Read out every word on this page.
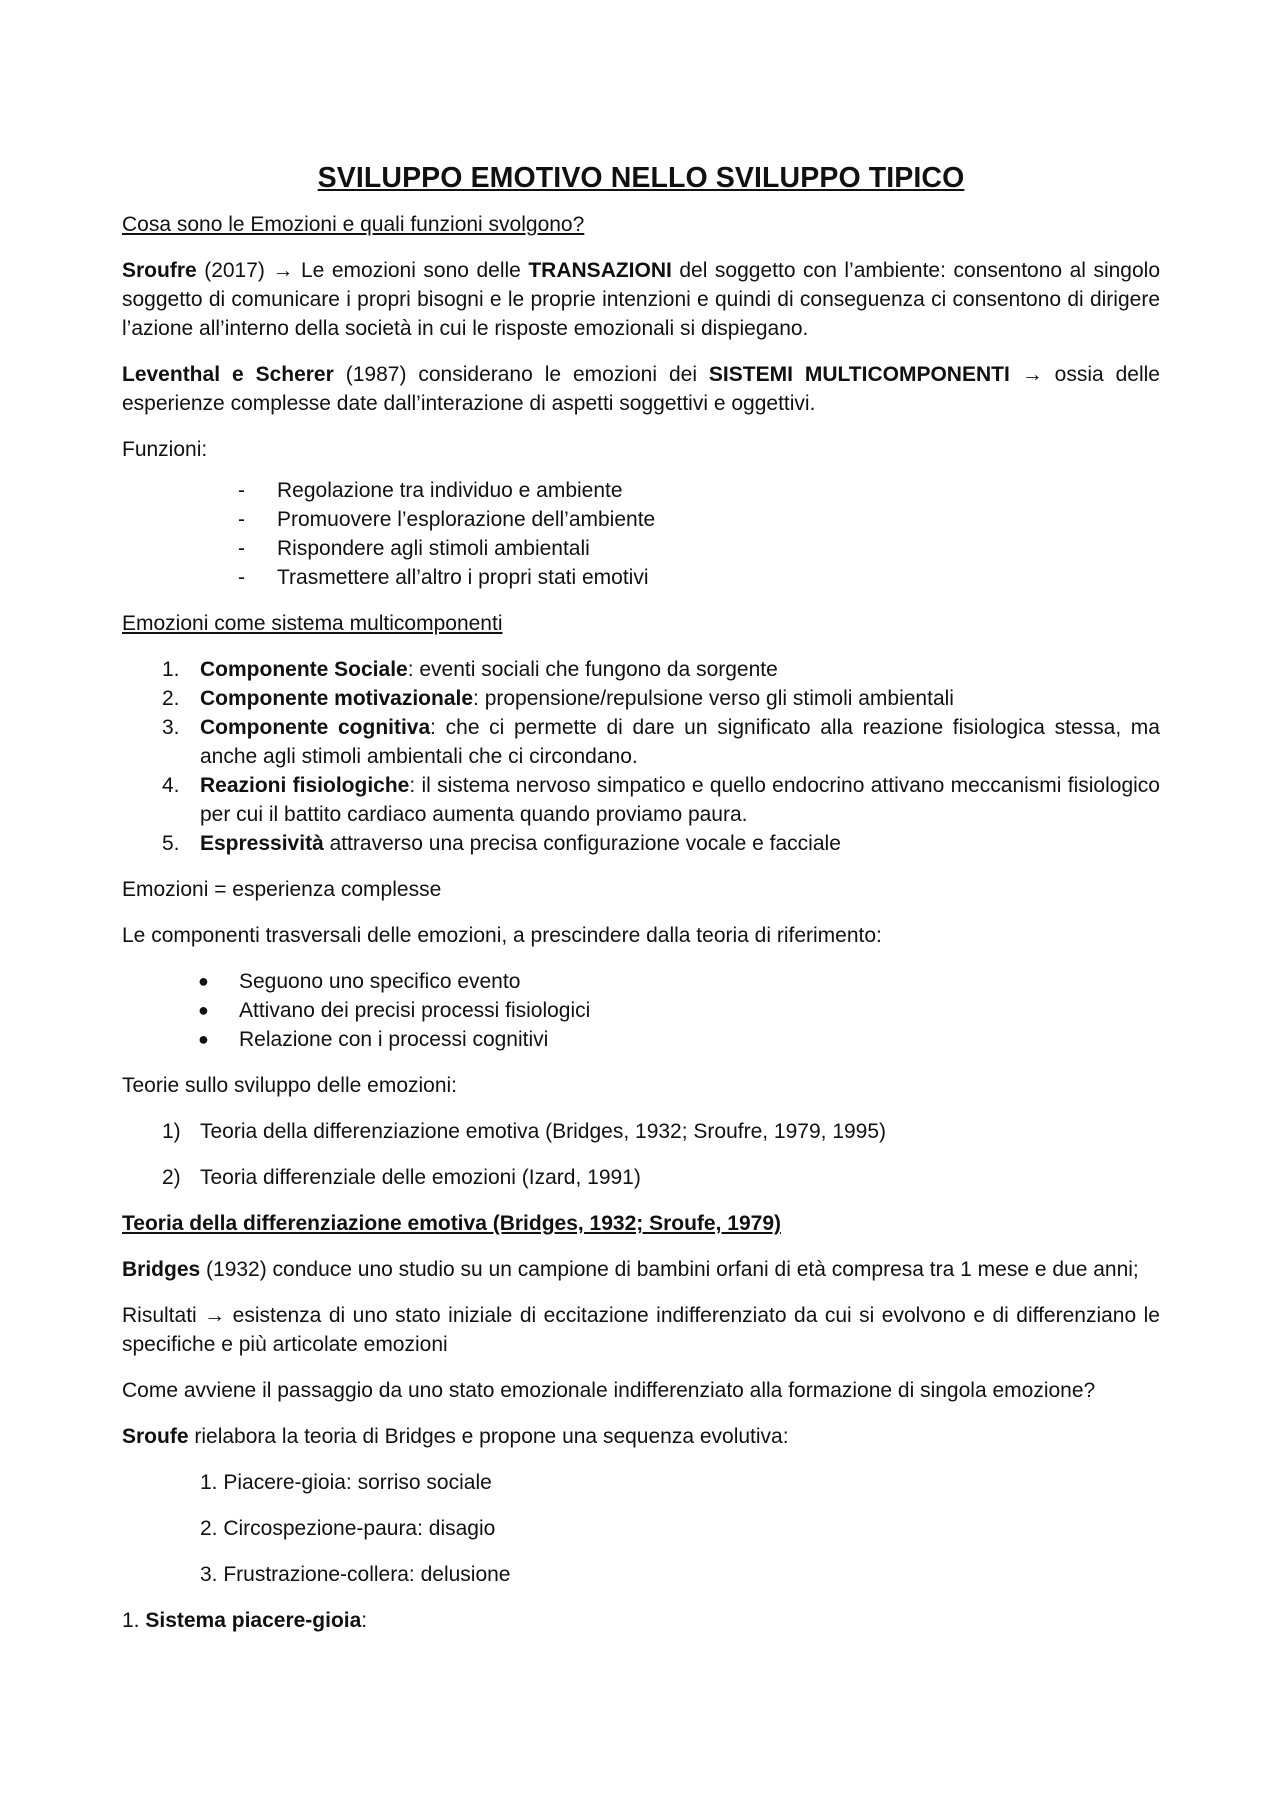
SVILUPPO EMOTIVO NELLO SVILUPPO TIPICO

Cosa sono le Emozioni e quali funzioni svolgono?

Sroufre (2017) → Le emozioni sono delle TRANSAZIONI del soggetto con l’ambiente: consentono al singolo soggetto di comunicare i propri bisogni e le proprie intenzioni e quindi di conseguenza ci consentono di dirigere l’azione all’interno della società in cui le risposte emozionali si dispiegano.

Leventhal e Scherer (1987) considerano le emozioni dei SISTEMI MULTICOMPONENTI → ossia delle esperienze complesse date dall’interazione di aspetti soggettivi e oggettivi.

Funzioni:

- Regolazione tra individuo e ambiente
- Promuovere l’esplorazione dell’ambiente
- Rispondere agli stimoli ambientali
- Trasmettere all’altro i propri stati emotivi

Emozioni come sistema multicomponenti

1. Componente Sociale: eventi sociali che fungono da sorgente
2. Componente motivazionale: propensione/repulsione verso gli stimoli ambientali
3. Componente cognitiva: che ci permette di dare un significato alla reazione fisiologica stessa, ma anche agli stimoli ambientali che ci circondano.
4. Reazioni fisiologiche: il sistema nervoso simpatico e quello endocrino attivano meccanismi fisiologico per cui il battito cardiaco aumenta quando proviamo paura.
5. Espressività attraverso una precisa configurazione vocale e facciale

Emozioni = esperienza complesse

Le componenti trasversali delle emozioni, a prescindere dalla teoria di riferimento:

● Seguono uno specifico evento
● Attivano dei precisi processi fisiologici
● Relazione con i processi cognitivi

Teorie sullo sviluppo delle emozioni:

1) Teoria della differenziazione emotiva (Bridges, 1932; Sroufre, 1979, 1995)
2) Teoria differenziale delle emozioni (Izard, 1991)

Teoria della differenziazione emotiva (Bridges, 1932; Sroufe, 1979)

Bridges (1932) conduce uno studio su un campione di bambini orfani di età compresa tra 1 mese e due anni;

Risultati → esistenza di uno stato iniziale di eccitazione indifferenziato da cui si evolvono e di differenziano le specifiche e più articolate emozioni

Come avviene il passaggio da uno stato emozionale indifferenziato alla formazione di singola emozione?

Sroufe rielabora la teoria di Bridges e propone una sequenza evolutiva:

1. Piacere-gioia: sorriso sociale

2. Circospezione-paura: disagio

3. Frustrazione-collera: delusione

1. Sistema piacere-gioia:
